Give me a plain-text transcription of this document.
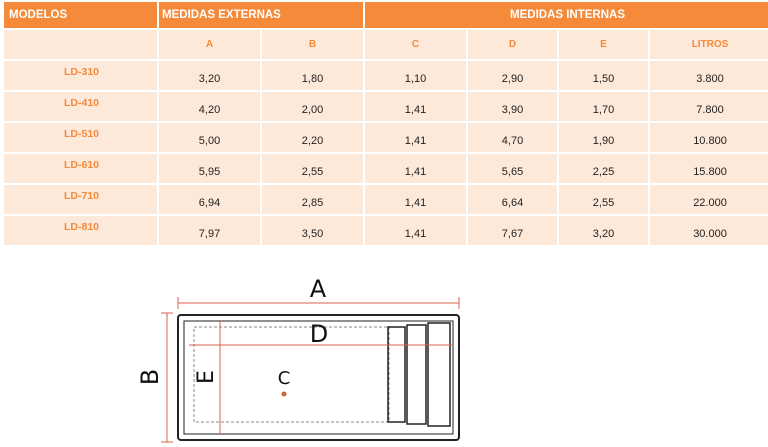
MODELOS	MEDIDAS EXTERNAS		MEDIDAS INTERNAS			
	A	B	C	D	E	LITROS
LD-310	3,20	1,80	1,10	2,90	1,50	3.800
LD-410	4,20	2,00	1,41	3,90	1,70	7.800
LD-510	5,00	2,20	1,41	4,70	1,90	10.800
LD-610	5,95	2,55	1,41	5,65	2,25	15.800
LD-710	6,94	2,85	1,41	6,64	2,55	22.000
LD-810	7,97	3,50	1,41	7,67	3,20	30.000
A
B
D
E	C
